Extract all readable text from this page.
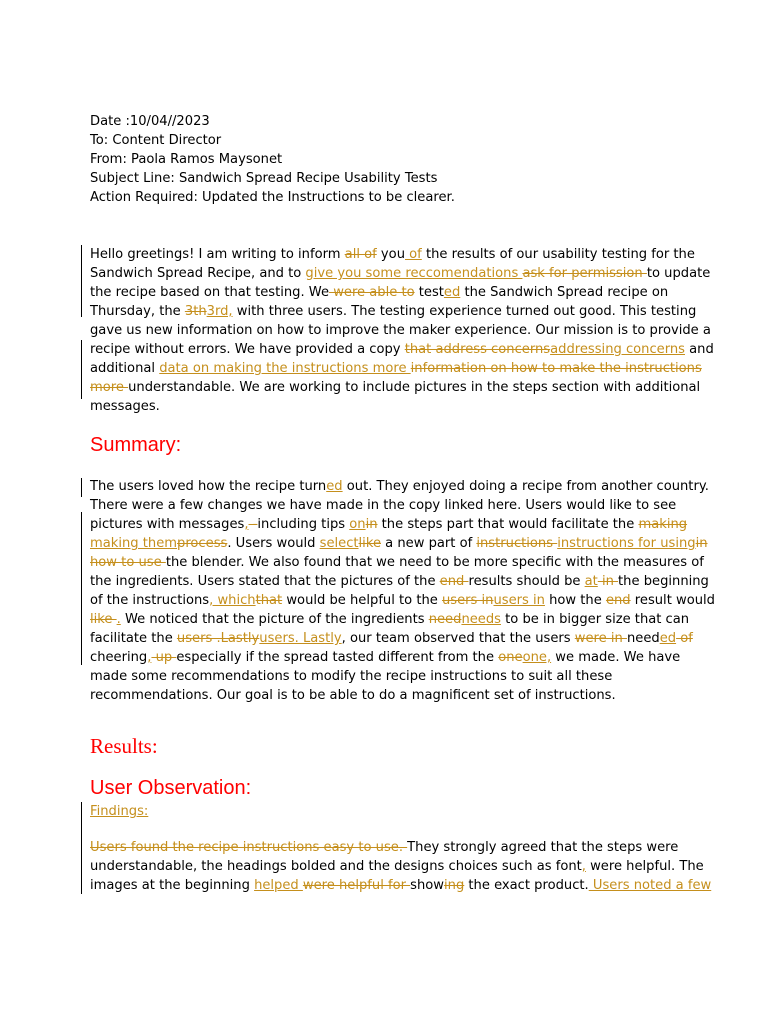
Date :10/04//2023
To: Content Director
From: Paola Ramos Maysonet
Subject Line: Sandwich Spread Recipe Usability Tests
Action Required: Updated the Instructions to be clearer.
Hello greetings! I am writing to inform all of you of the results of our usability testing for the
Sandwich Spread Recipe, and to give you some reccomendations ask for permission to update
the recipe based on that testing. We were able to tested the Sandwich Spread recipe on
Thursday, the 3th3rd, with three users. The testing experience turned out good. This testing
gave us new information on how to improve the maker experience. Our mission is to provide a
recipe without errors. We have provided a copy that address concernsaddressing concerns and
additional data on making the instructions more information on how to make the instructions
more understandable. We are working to include pictures in the steps section with additional
messages.
Summary:
The users loved how the recipe turned out. They enjoyed doing a recipe from another country.
There were a few changes we have made in the copy linked here. Users would like to see
pictures with messages, -including tips onin the steps part that would facilitate the making
making themprocess. Users would selectlike a new part of instructions instructions for usingin
how to use the blender. We also found that we need to be more specific with the measures of
the ingredients. Users stated that the pictures of the end results should be at in the beginning
of the instructions, whichthat would be helpful to the users inusers in how the end result would
like . We noticed that the picture of the ingredients needneeds to be in bigger size that can
facilitate the users .Lastlyusers. Lastly, our team observed that the users were in needed of
cheering, up especially if the spread tasted different from the oneone, we made. We have
made some recommendations to modify the recipe instructions to suit all these
recommendations. Our goal is to be able to do a magnificent set of instructions.
Results:
User Observation:
Findings:
Users found the recipe instructions easy to use. They strongly agreed that the steps were
understandable, the headings bolded and the designs choices such as font, were helpful. The
images at the beginning helped were helpful for showing the exact product. Users noted a few
